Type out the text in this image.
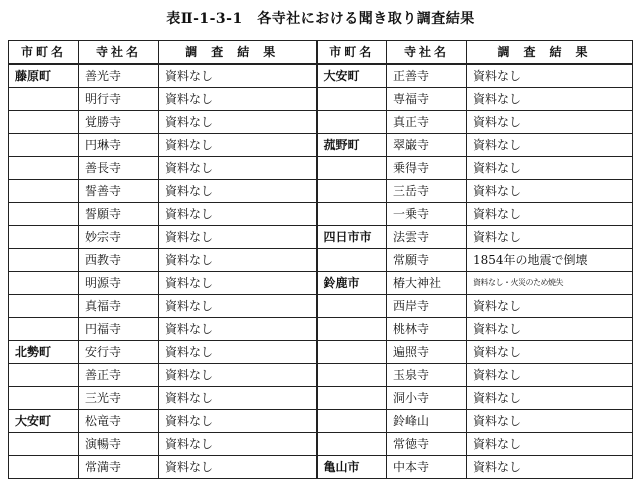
表Ⅱ-1-3-1　各寺社における聞き取り調査結果
市町名	寺社名	調査結果	市町名	寺社名	調査結果
藤原町	善光寺	資料なし	大安町	正善寺	資料なし
	明行寺	資料なし		専福寺	資料なし
	覚勝寺	資料なし		真正寺	資料なし
	円琳寺	資料なし	菰野町	翠巌寺	資料なし
	善長寺	資料なし		乗得寺	資料なし
	誓善寺	資料なし		三岳寺	資料なし
	誓願寺	資料なし		一乗寺	資料なし
	妙宗寺	資料なし	四日市市	法雲寺	資料なし
	西教寺	資料なし		常願寺	1854年の地震で倒壊
	明源寺	資料なし	鈴鹿市	椿大神社	資料なし・火災のため焼失
	真福寺	資料なし		西岸寺	資料なし
	円福寺	資料なし		桃林寺	資料なし
北勢町	安行寺	資料なし		遍照寺	資料なし
	善正寺	資料なし		玉泉寺	資料なし
	三光寺	資料なし		洞小寺	資料なし
大安町	松竜寺	資料なし		鈴峰山	資料なし
	演暢寺	資料なし		常徳寺	資料なし
	常満寺	資料なし	亀山市	中本寺	資料なし
